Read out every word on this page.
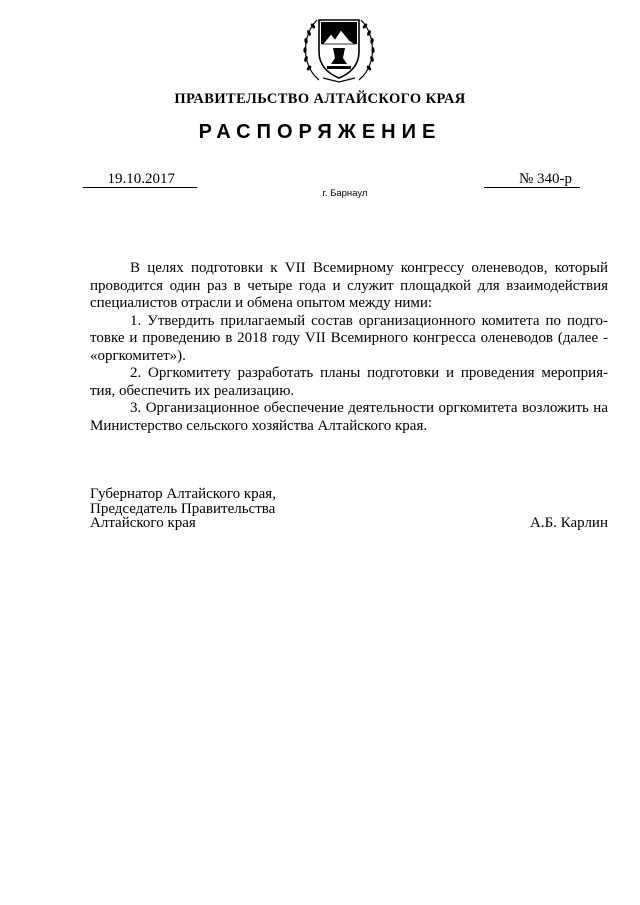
ПРАВИТЕЛЬСТВО АЛТАЙСКОГО КРАЯ
РАСПОРЯЖЕНИЕ
19.10.2017	№ 340-р
г. Барнаул

В целях подготовки к VII Всемирному конгрессу оленеводов, который проводится один раз в четыре года и служит площадкой для взаимодействия специалистов отрасли и обмена опытом между ними:

1. Утвердить прилагаемый состав организационного комитета по подго-товке и проведению в 2018 году VII Всемирного конгресса оленеводов (далее - «оргкомитет»).

2. Оргкомитету разработать планы подготовки и проведения мероприя-тия, обеспечить их реализацию.

3. Организационное обеспечение деятельности оргкомитета возложить на Министерство сельского хозяйства Алтайского края.

Губернатор Алтайского края,
Председатель Правительства
Алтайского края	А.Б. Карлин
